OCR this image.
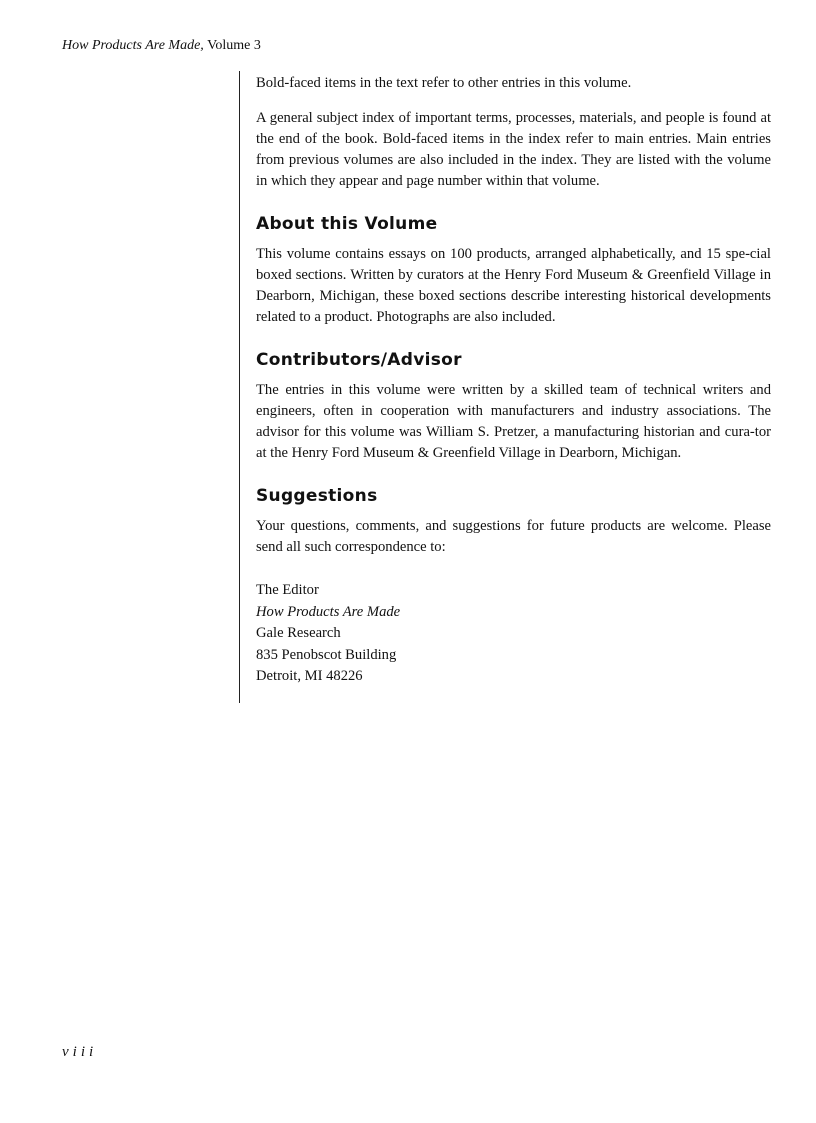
How Products Are Made, Volume 3

Bold-faced items in the text refer to other entries in this volume.

A general subject index of important terms, processes, materials, and people is found at the end of the book. Bold-faced items in the index refer to main entries. Main entries from previous volumes are also included in the index. They are listed with the volume in which they appear and page number within that volume.

About this Volume

This volume contains essays on 100 products, arranged alphabetically, and 15 spe-cial boxed sections. Written by curators at the Henry Ford Museum & Greenfield Village in Dearborn, Michigan, these boxed sections describe interesting historical developments related to a product. Photographs are also included.

Contributors/Advisor

The entries in this volume were written by a skilled team of technical writers and engineers, often in cooperation with manufacturers and industry associations. The advisor for this volume was William S. Pretzer, a manufacturing historian and cura-tor at the Henry Ford Museum & Greenfield Village in Dearborn, Michigan.

Suggestions

Your questions, comments, and suggestions for future products are welcome. Please send all such correspondence to:

The Editor
How Products Are Made
Gale Research
835 Penobscot Building
Detroit, MI 48226
viii
